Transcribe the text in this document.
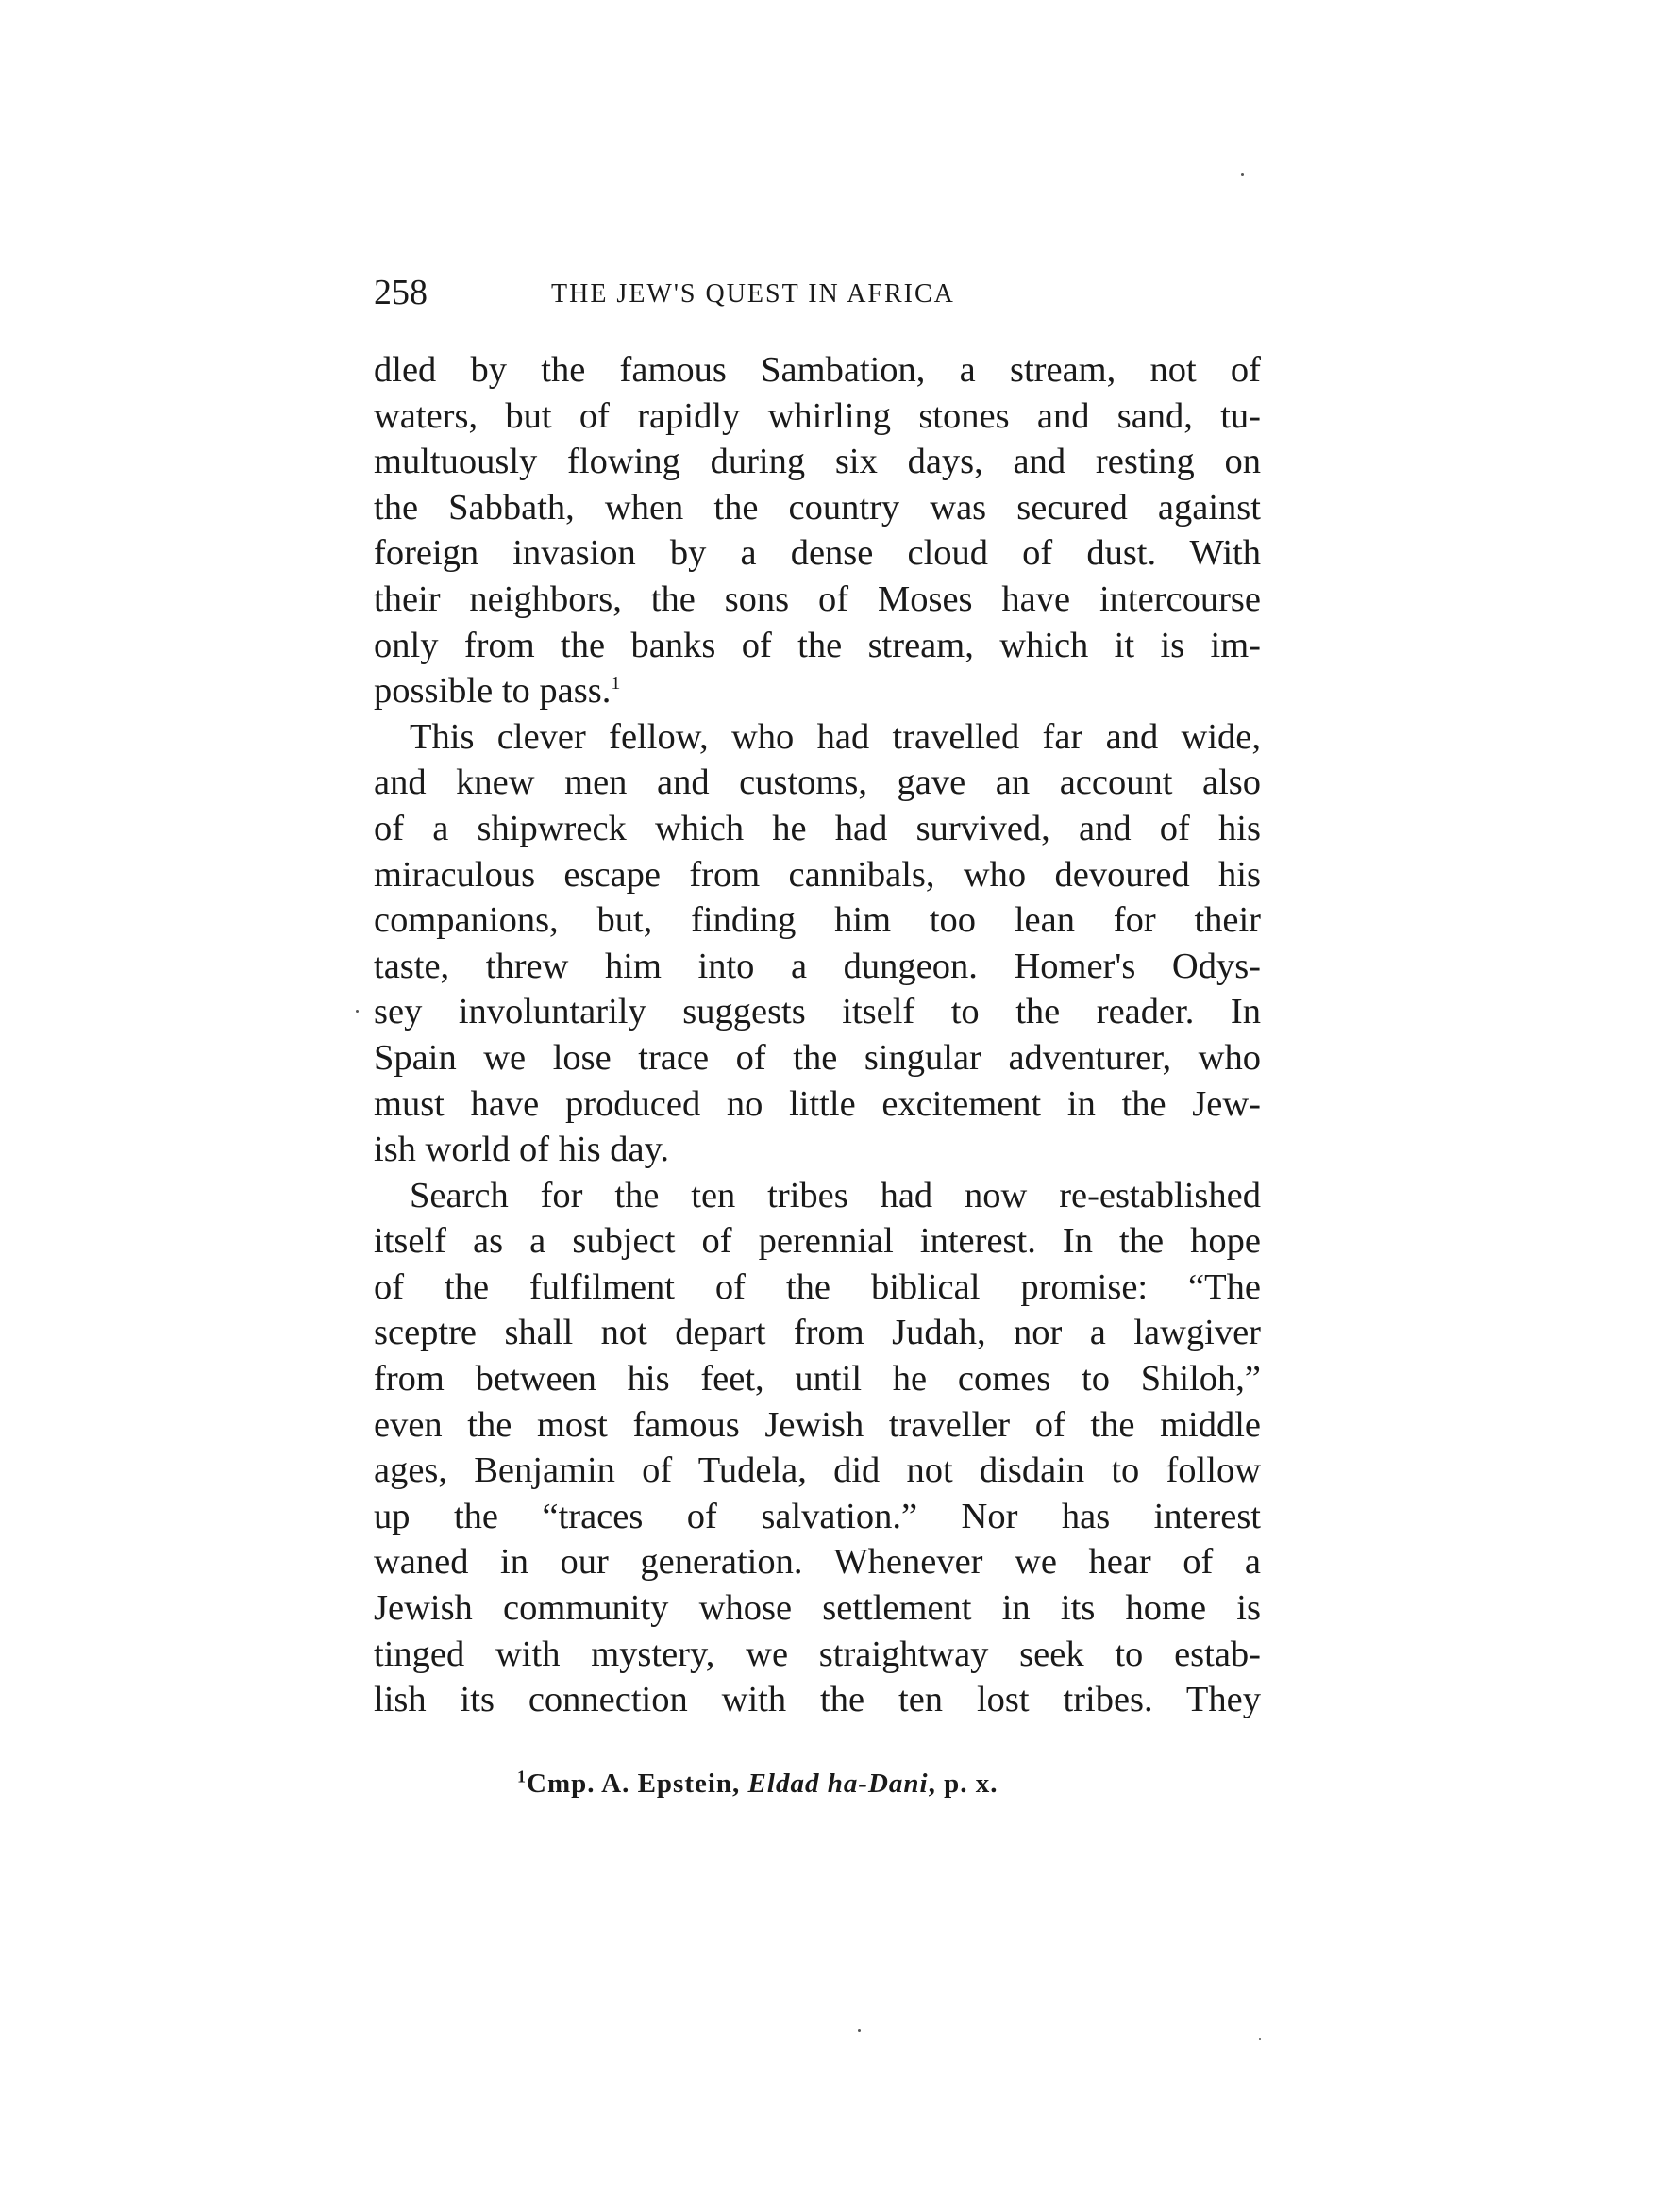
258	THE JEW'S QUEST IN AFRICA
dled by the famous Sambation, a stream, not of
waters, but of rapidly whirling stones and sand, tu-
multuously flowing during six days, and resting on
the Sabbath, when the country was secured against
foreign invasion by a dense cloud of dust. With
their neighbors, the sons of Moses have intercourse
only from the banks of the stream, which it is im-
possible to pass.$^1$
This clever fellow, who had travelled far and wide,
and knew men and customs, gave an account also
of a shipwreck which he had survived, and of his
miraculous escape from cannibals, who devoured his
companions, but, finding him too lean for their
taste, threw him into a dungeon. Homer's Odys-
sey involuntarily suggests itself to the reader. In
Spain we lose trace of the singular adventurer, who
must have produced no little excitement in the Jew-
ish world of his day.
Search for the ten tribes had now re-established
itself as a subject of perennial interest. In the hope
of the fulfilment of the biblical promise: “The
sceptre shall not depart from Judah, nor a lawgiver
from between his feet, until he comes to Shiloh,”
even the most famous Jewish traveller of the middle
ages, Benjamin of Tudela, did not disdain to follow
up the “traces of salvation.” Nor has interest
waned in our generation. Whenever we hear of a
Jewish community whose settlement in its home is
tinged with mystery, we straightway seek to estab-
lish its connection with the ten lost tribes. They
$^1$Cmp. A. Epstein, Eldad ha-Dani, p. x.
